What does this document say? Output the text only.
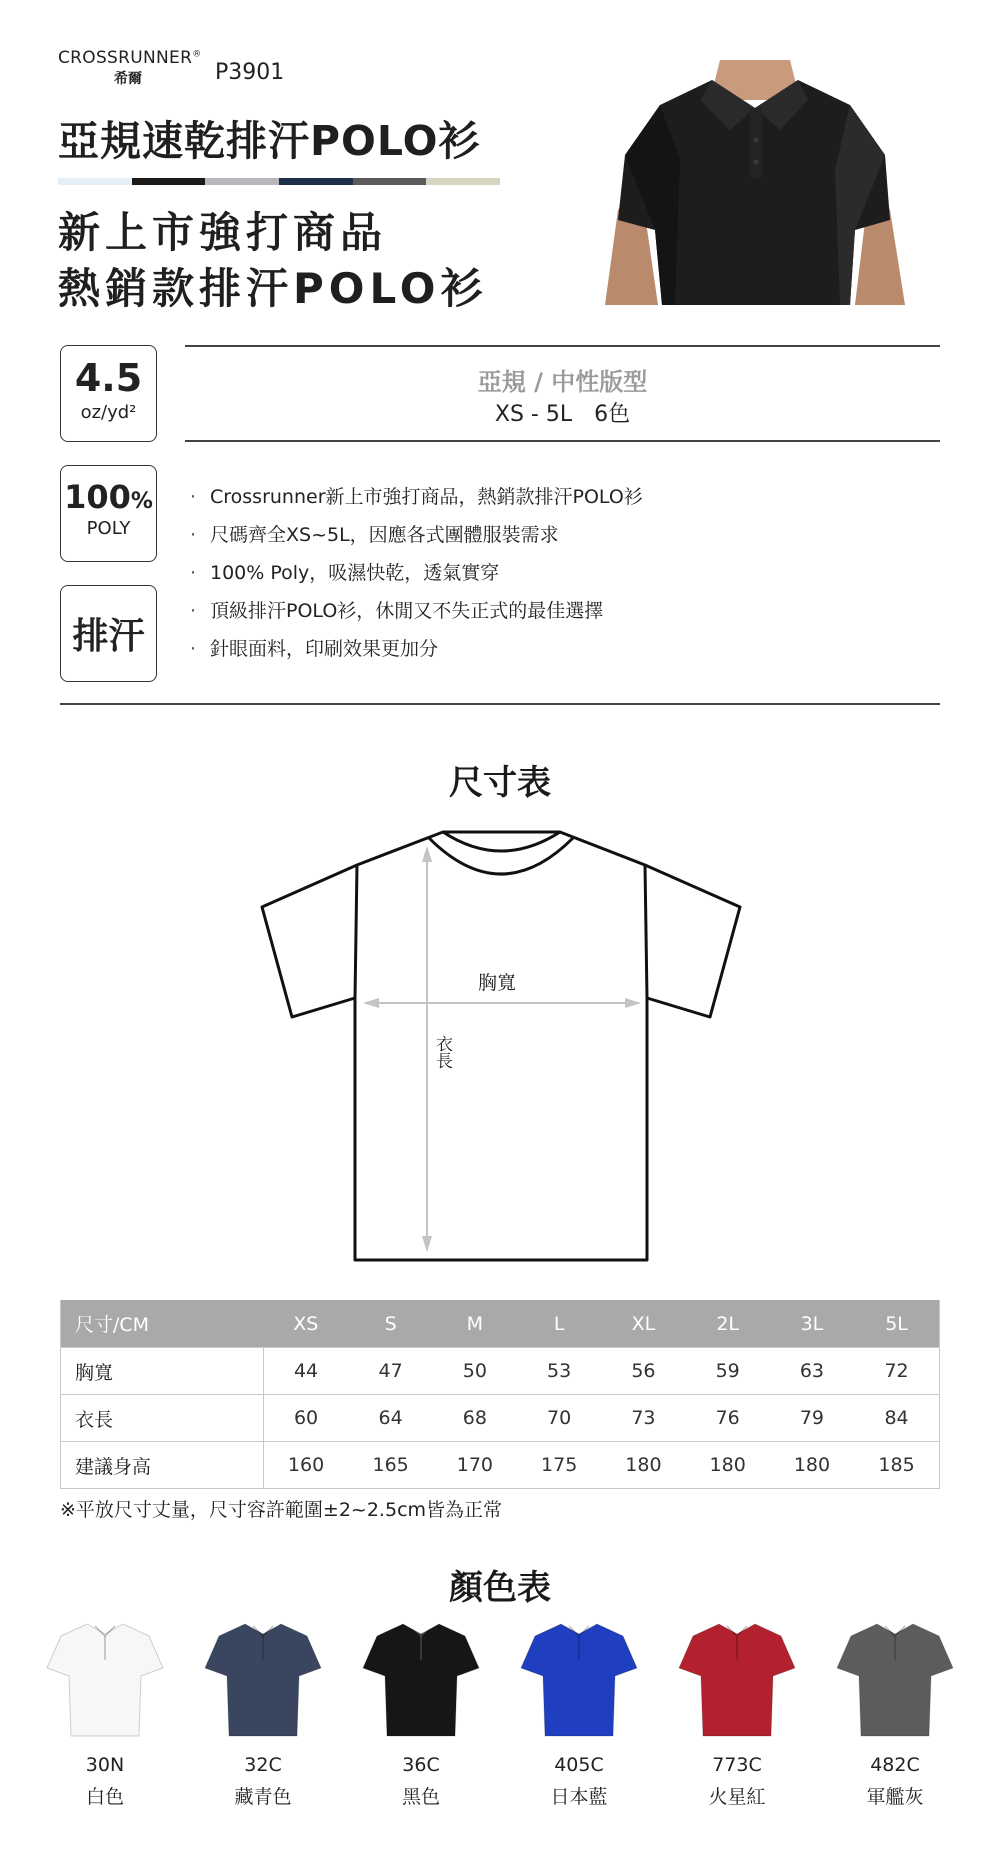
CROSSRUNNER®
希爾	P3901
亞規速乾排汗POLO衫
新上市強打商品
熱銷款排汗POLO衫
4.5
oz/yd²
100%
POLY
排汗
亞規 / 中性版型
XS - 5L　6色
· Crossrunner新上市強打商品，熱銷款排汗POLO衫
· 尺碼齊全XS~5L，因應各式團體服裝需求
· 100% Poly，吸濕快乾，透氣實穿
· 頂級排汗POLO衫，休閒又不失正式的最佳選擇
· 針眼面料，印刷效果更加分
尺寸表
胸寬
衣長
尺寸/CM	XS	S	M	L	XL	2L	3L	5L
胸寬	44	47	50	53	56	59	63	72
衣長	60	64	68	70	73	76	79	84
建議身高	160	165	170	175	180	180	180	185
※平放尺寸丈量，尺寸容許範圍±2~2.5cm皆為正常
顏色表
30N
白色
32C
藏青色
36C
黑色
405C
日本藍
773C
火星紅
482C
軍艦灰
